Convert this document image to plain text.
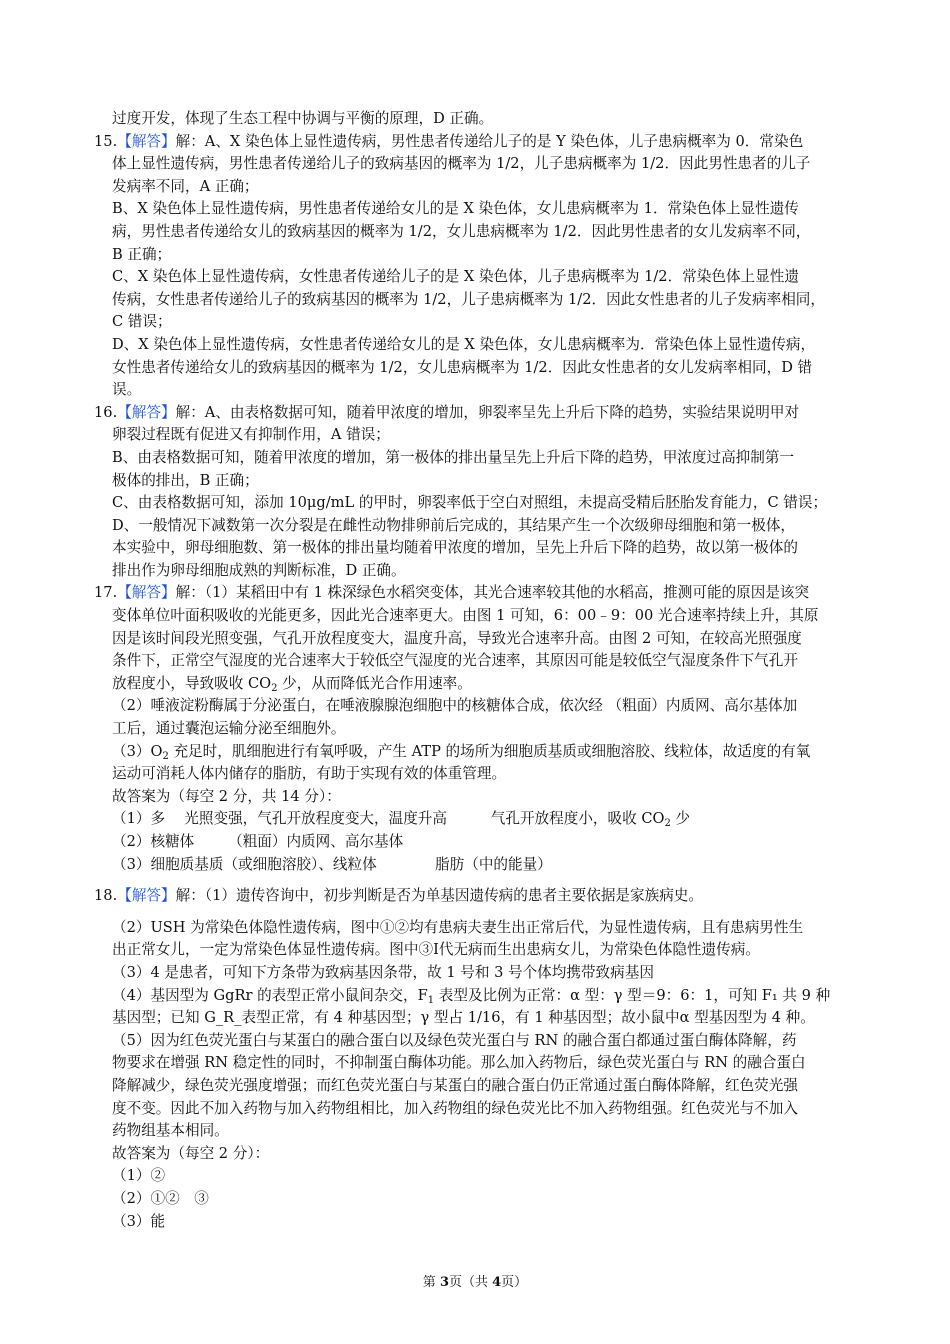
过度开发，体现了生态工程中协调与平衡的原理，D 正确。
15.【解答】解：A、X 染色体上显性遗传病，男性患者传递给儿子的是 Y 染色体，儿子患病概率为 0．常染色
体上显性遗传病，男性患者传递给儿子的致病基因的概率为 1/2，儿子患病概率为 1/2．因此男性患者的儿子
发病率不同，A 正确；
B、X 染色体上显性遗传病，男性患者传递给女儿的是 X 染色体，女儿患病概率为 1．常染色体上显性遗传
病，男性患者传递给女儿的致病基因的概率为 1/2，女儿患病概率为 1/2．因此男性患者的女儿发病率不同，
B 正确；
C、X 染色体上显性遗传病，女性患者传递给儿子的是 X 染色体，儿子患病概率为 1/2．常染色体上显性遗
传病，女性患者传递给儿子的致病基因的概率为 1/2，儿子患病概率为 1/2．因此女性患者的儿子发病率相同，
C 错误；
D、X 染色体上显性遗传病，女性患者传递给女儿的是 X 染色体，女儿患病概率为．常染色体上显性遗传病，
女性患者传递给女儿的致病基因的概率为 1/2，女儿患病概率为 1/2．因此女性患者的女儿发病率相同，D 错
误。
16.【解答】解：A、由表格数据可知，随着甲浓度的增加，卵裂率呈先上升后下降的趋势，实验结果说明甲对
卵裂过程既有促进又有抑制作用，A 错误；
B、由表格数据可知，随着甲浓度的增加，第一极体的排出量呈先上升后下降的趋势，甲浓度过高抑制第一
极体的排出，B 正确；
C、由表格数据可知，添加 10μg/mL 的甲时，卵裂率低于空白对照组，未提高受精后胚胎发育能力，C 错误；
D、一般情况下减数第一次分裂是在雌性动物排卵前后完成的，其结果产生一个次级卵母细胞和第一极体，
本实验中，卵母细胞数、第一极体的排出量均随着甲浓度的增加，呈先上升后下降的趋势，故以第一极体的
排出作为卵母细胞成熟的判断标准，D 正确。
17.【解答】解：（1）某稻田中有 1 株深绿色水稻突变体，其光合速率较其他的水稻高，推测可能的原因是该突
变体单位叶面积吸收的光能更多，因此光合速率更大。由图 1 可知，6：00﹣9：00 光合速率持续上升，其原
因是该时间段光照变强，气孔开放程度变大，温度升高，导致光合速率升高。由图 2 可知，在较高光照强度
条件下，正常空气湿度的光合速率大于较低空气湿度的光合速率，其原因可能是较低空气湿度条件下气孔开
放程度小，导致吸收 $CO_2$ 少，从而降低光合作用速率。
（2）唾液淀粉酶属于分泌蛋白，在唾液腺腺泡细胞中的核糖体合成，依次经 （粗面）内质网、高尔基体加
工后，通过囊泡运输分泌至细胞外。
$(3)O_2$ 充足时，肌细胞进行有氧呼吸，产生 ATP 的场所为细胞质基质或细胞溶胶、线粒体，故适度的有氧
运动可消耗人体内储存的脂肪，有助于实现有效的体重管理。
故答案为（每空 2 分，共 14 分）：
（1）多　 光照变强，气孔开放程度变大，温度升高　　　气孔开放程度小，吸收 $CO_2$ 少
（2）核糖体　　 （粗面）内质网、高尔基体
（3）细胞质基质（或细胞溶胶）、线粒体　　　　脂肪（中的能量）
18.【解答】解：（1）遗传咨询中，初步判断是否为单基因遗传病的患者主要依据是家族病史。
（2）USH 为常染色体隐性遗传病，图中①②均有患病夫妻生出正常后代，为显性遗传病，且有患病男性生
出正常女儿，一定为常染色体显性遗传病。图中③Ⅰ代无病而生出患病女儿，为常染色体隐性遗传病。
（3）4 是患者，可知下方条带为致病基因条带，故 1 号和 3 号个体均携带致病基因
（4）基因型为 GgRr 的表型正常小鼠间杂交，$F_1$ 表型及比例为正常：α 型：γ 型＝9：6：1，可知 F₁ 共 9 种
基因型；已知 G_R_表型正常，有 4 种基因型；γ 型占 1/16，有 1 种基因型；故小鼠中α 型基因型为 4 种。
（5）因为红色荧光蛋白与某蛋白的融合蛋白以及绿色荧光蛋白与 RN 的融合蛋白都通过蛋白酶体降解，药
物要求在增强 RN 稳定性的同时，不抑制蛋白酶体功能。那么加入药物后，绿色荧光蛋白与 RN 的融合蛋白
降解减少，绿色荧光强度增强；而红色荧光蛋白与某蛋白的融合蛋白仍正常通过蛋白酶体降解，红色荧光强
度不变。因此不加入药物与加入药物组相比，加入药物组的绿色荧光比不加入药物组强。红色荧光与不加入
药物组基本相同。
故答案为（每空 2 分）：
（1）②
（2）①②　③
（3）能
第 3页（共 4页）
